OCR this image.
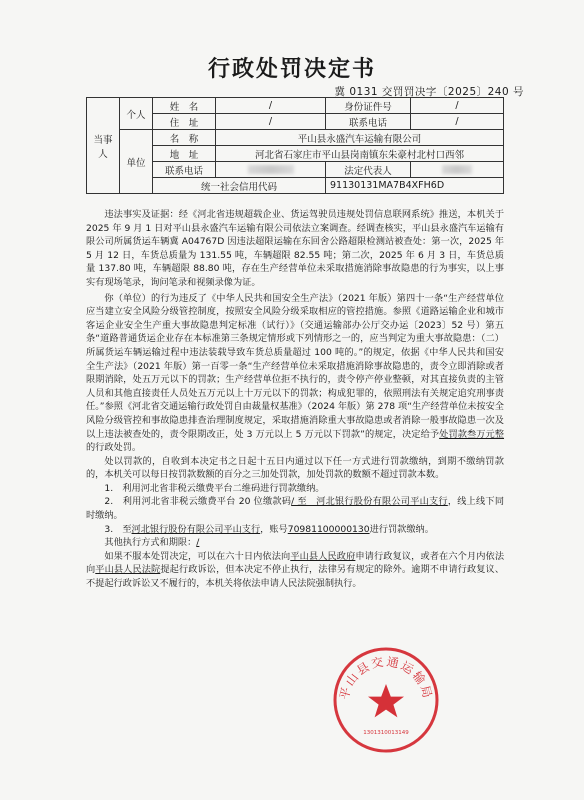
行政处罚决定书
冀 0131 交罚罚决字〔2025〕240 号
当事人	个人	姓　名	/	身份证件号	/
		住　址	/	联系电话	/
	单位	名　称	平山县永盛汽车运输有限公司		
		地　址	河北省石家庄市平山县岗南镇东朱豪村北村口西邻		
		联系电话		法定代表人	
		统一社会信用代码		91130131MA7B4XFH6D	

违法事实及证据：经《河北省违规超载企业、货运驾驶员违规处罚信息联网系统》推送，本机关于 2025 年 9 月 1 日对平山县永盛汽车运输有限公司依法立案调查。经调查核实，平山县永盛汽车运输有限公司所属货运车辆冀 A04767D 因违法超限运输在东回舍公路超限检测站被查处：第一次，2025 年 5 月 12 日，车货总质量为 131.55 吨，车辆超限 82.55 吨；第二次，2025 年 6 月 3 日，车货总质量 137.80 吨，车辆超限 88.80 吨，存在生产经营单位未采取措施消除事故隐患的行为事实，以上事实有现场笔录，询问笔录和视频录像为证。

你（单位）的行为违反了《中华人民共和国安全生产法》（2021 年版）第四十一条“生产经营单位应当建立安全风险分级管控制度，按照安全风险分级采取相应的管控措施。参照《道路运输企业和城市客运企业安全生产重大事故隐患判定标准（试行）》（交通运输部办公厅交办运〔2023〕52 号）第五条“道路普通货运企业存在本标准第三条规定情形或下列情形之一的，应当判定为重大事故隐患：（二）所属货运车辆运输过程中违法装载导致车货总质量超过 100 吨的。”的规定，依据《中华人民共和国安全生产法》（2021 年版）第一百零一条“生产经营单位未采取措施消除事故隐患的，责令立即消除或者限期消除，处五万元以下的罚款；生产经营单位拒不执行的，责令停产停业整顿，对其直接负责的主管人员和其他直接责任人员处五万元以上十万元以下的罚款；构成犯罪的，依照刑法有关规定追究刑事责任。”参照《河北省交通运输行政处罚自由裁量权基准》（2024 年版）第 278 项“生产经营单位未按安全风险分级管控和事故隐患排查治理制度规定，采取措施消除重大事故隐患或者消除一般事故隐患一次及以上违法被查处的，责令限期改正，处 3 万元以上 5 万元以下罚款”的规定，决定给予处罚款叁万元整的行政处罚。

处以罚款的，自收到本决定书之日起十五日内通过以下任一方式进行罚款缴纳，到期不缴纳罚款的，本机关可以每日按罚款数额的百分之三加处罚款，加处罚款的数额不超过罚款本数。

1.　利用河北省非税云缴费平台二维码进行罚款缴纳。

2.　利用河北省非税云缴费平台 20 位缴款码/ 至　河北银行股份有限公司平山支行，线上线下同时缴纳。

3.　至河北银行股份有限公司平山支行，账号70981100000130进行罚款缴纳。

其他执行方式和期限：/

如果不服本处罚决定，可以在六十日内依法向平山县人民政府申请行政复议，或者在六个月内依法向平山县人民法院提起行政诉讼，但本决定不停止执行，法律另有规定的除外。逾期不申请行政复议、不提起行政诉讼又不履行的，本机关将依法申请人民法院强制执行。

平山县交通运输局
1301310013149
